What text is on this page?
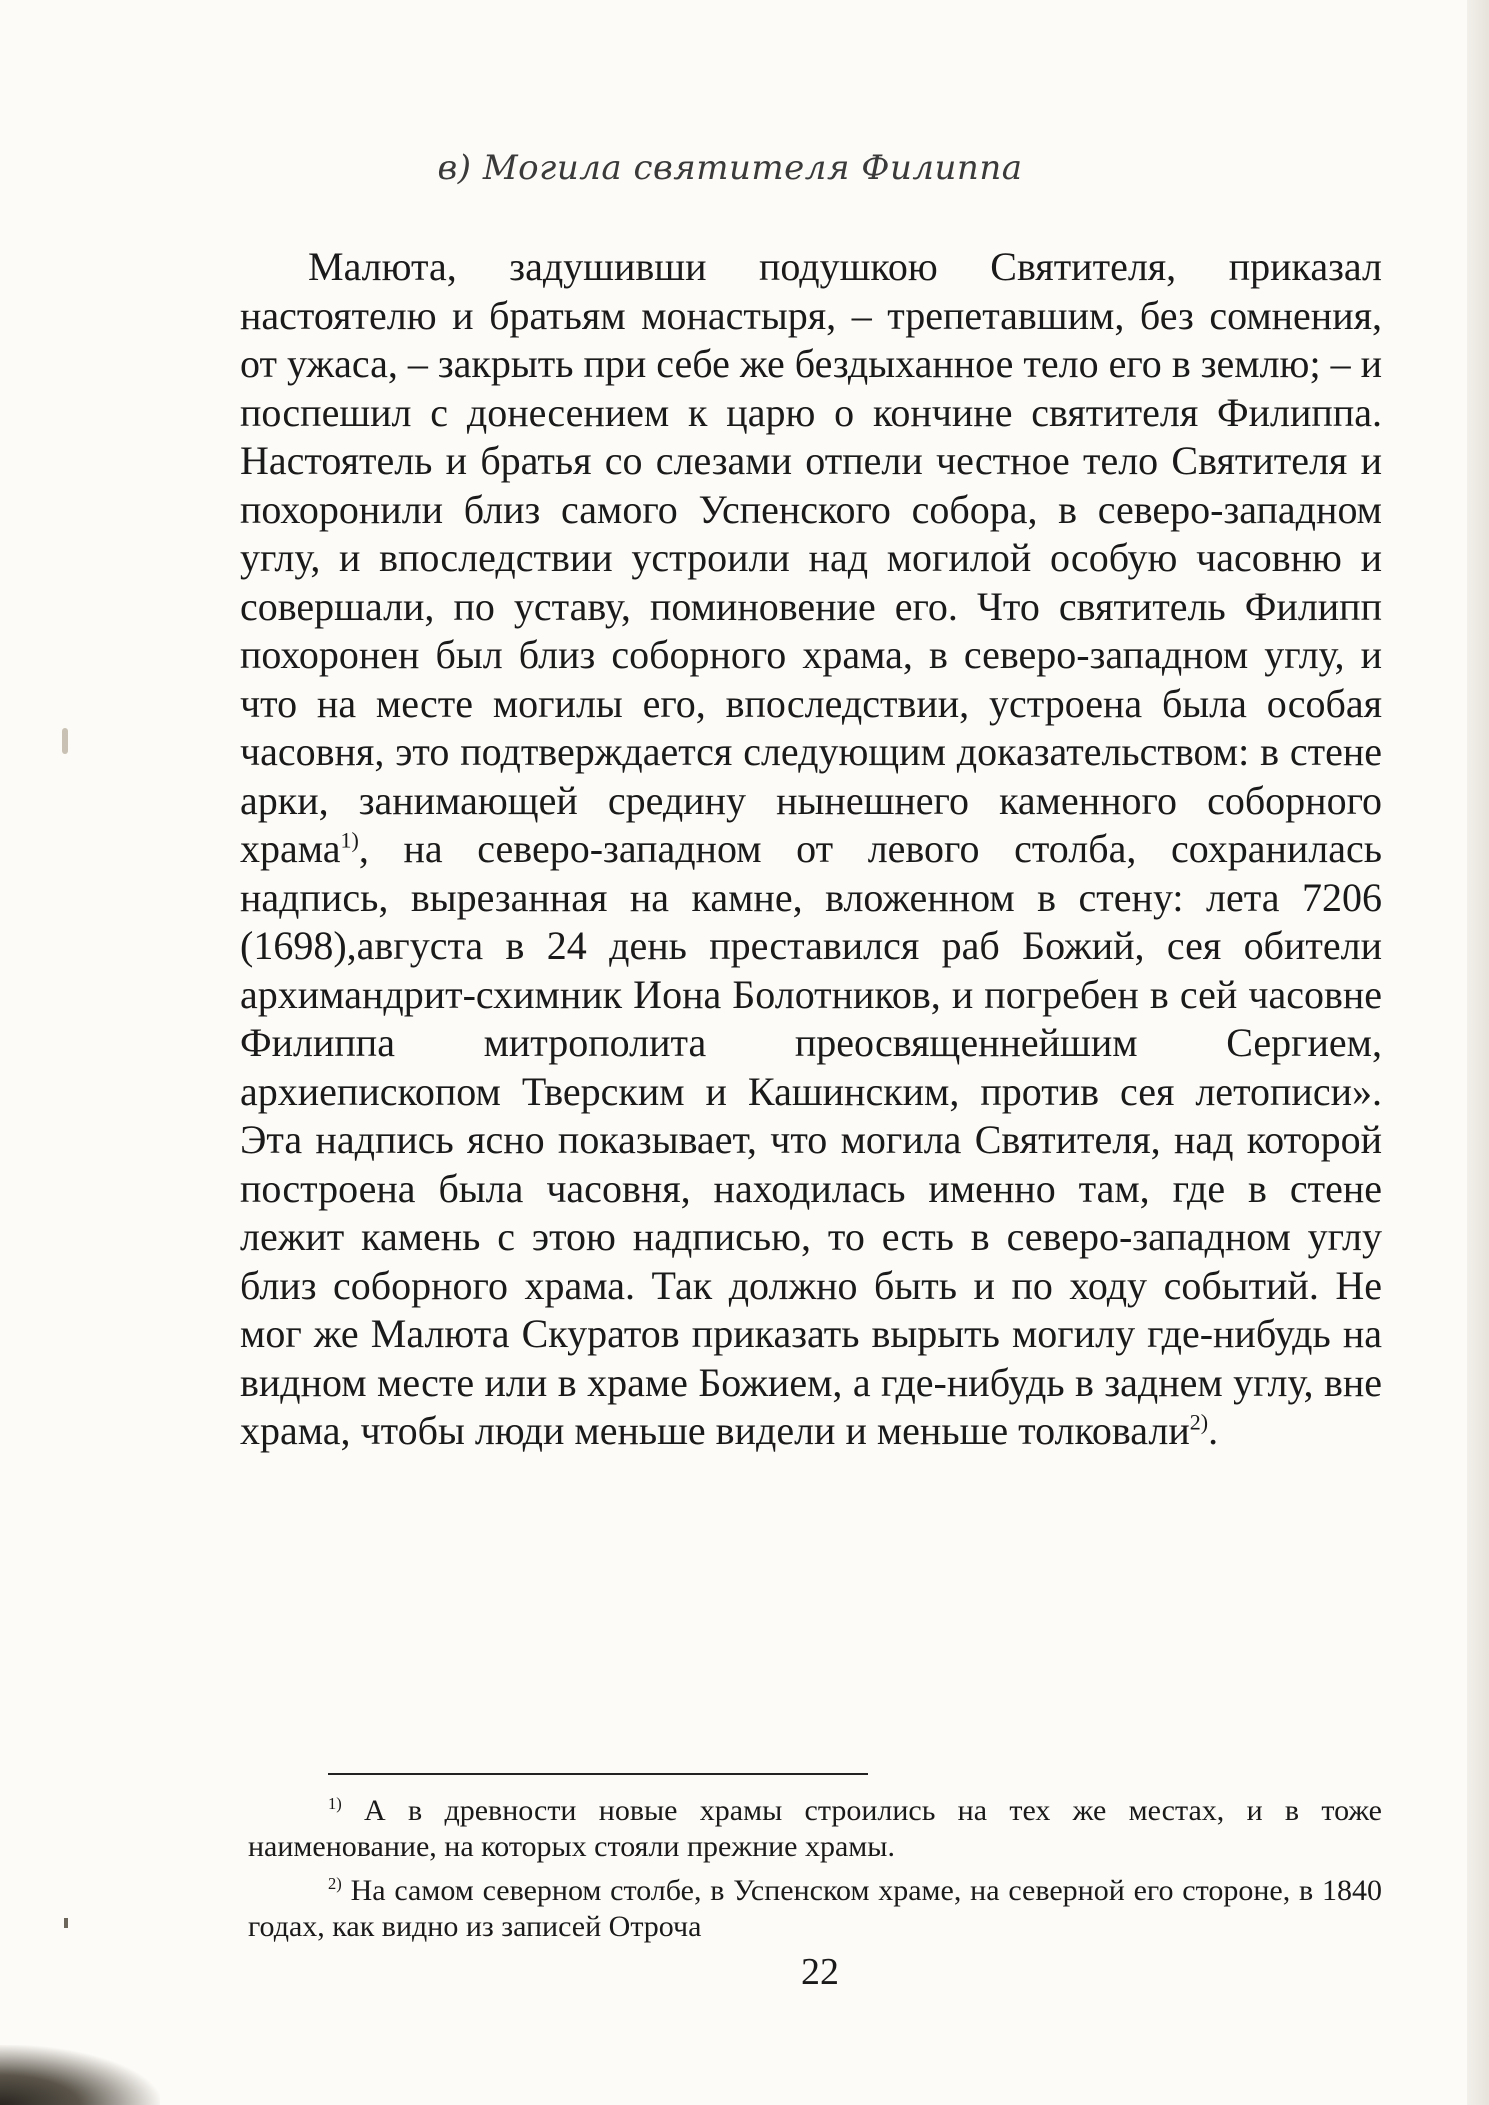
в) Могила святителя Филиппа

Малюта, задушивши подушкою Святителя, приказал настоятелю и братьям монастыря, – трепетавшим, без сомнения, от ужаса, – закрыть при себе же бездыханное тело его в землю; – и поспешил с донесением к царю о кончине святителя Филиппа. Настоятель и братья со слезами отпели честное тело Святителя и похоронили близ самого Успенского собора, в северо-западном углу, и впоследствии устроили над могилой особую часовню и совершали, по уставу, поминовение его. Что святитель Филипп похоронен был близ соборного храма, в северо-западном углу, и что на месте могилы его, впоследствии, устроена была особая часовня, это подтверждается следующим доказательством: в стене арки, занимающей средину нынешнего каменного соборного храма$^{1)}$, на северо-западном от левого столба, сохранилась надпись, вырезанная на камне, вложенном в стену: лета 7206 (1698),августа в 24 день преставился раб Божий, сея обители архимандрит-схимник Иона Болотников, и погребен в сей часовне Филиппа митрополита преосвященнейшим Сергием, архиепископом Тверским и Кашинским, против сея летописи». Эта надпись ясно показывает, что могила Святителя, над которой построена была часовня, находилась именно там, где в стене лежит камень с этою надписью, то есть в северо-западном углу близ соборного храма. Так должно быть и по ходу событий. Не мог же Малюта Скуратов приказать вырыть могилу где-нибудь на видном месте или в храме Божием, а где-нибудь в заднем углу, вне храма, чтобы люди меньше видели и меньше толковали$^{2)}$.

$^{1)}$ А в древности новые храмы строились на тех же местах, и в тоже наименование, на которых стояли прежние храмы.

$^{2)}$ На самом северном столбе, в Успенском храме, на северной его стороне, в 1840 годах, как видно из записей Отроча

22
